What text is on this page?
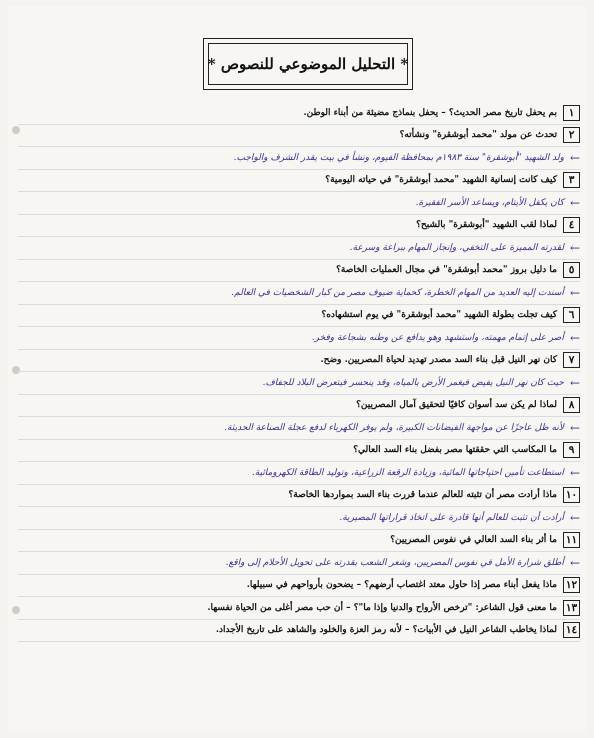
* التحليل الموضوعي للنصوص *
١
بم يحفل تاريخ مصر الحديث؟ – يحفل بنماذج مضيئة من أبناء الوطن.
٢
تحدث عن مولد "محمد أبوشقرة" ونشأته؟
←
ولد الشهيد "أبوشقرة" سنة ١٩٨٣م بمحافظة الفيوم، ونشأ في بيت يقدر الشرف والواجب.
٣
كيف كانت إنسانية الشهيد "محمد أبوشقرة" في حياته اليومية؟
←
كان يكفل الأيتام، ويساعد الأسر الفقيرة.
٤
لماذا لقب الشهيد "أبوشقرة" بالشبح؟
←
لقدرته المميزة على التخفي، وإنجاز المهام ببراعة وسرعة.
٥
ما دليل بروز "محمد أبوشقرة" في مجال العمليات الخاصة؟
←
أسندت إليه العديد من المهام الخطرة، كحماية ضيوف مصر من كبار الشخصيات في العالم.
٦
كيف تجلت بطولة الشهيد "محمد أبوشقرة" في يوم استشهاده؟
←
أصر على إتمام مهمته، واستشهد وهو يدافع عن وطنه بشجاعة وفخر.
٧
كان نهر النيل قبل بناء السد مصدر تهديد لحياة المصريين. وضح.
←
حيث كان نهر النيل يفيض فيغمر الأرض بالمياه، وقد ينحسر فيتعرض البلاد للجفاف.
٨
لماذا لم يكن سد أسوان كافيًا لتحقيق آمال المصريين؟
←
لأنه ظل عاجزًا عن مواجهة الفيضانات الكبيرة، ولم يوفر الكهرباء لدفع عجلة الصناعة الحديثة.
٩
ما المكاسب التي حققتها مصر بفضل بناء السد العالي؟
←
استطاعت تأمين احتياجاتها المائية، وزيادة الرقعة الزراعية، وتوليد الطاقة الكهرومائية.
١٠
ماذا أرادت مصر أن تثبته للعالم عندما قررت بناء السد بمواردها الخاصة؟
←
أرادت أن تثبت للعالم أنها قادرة على اتخاذ قراراتها المصيرية.
١١
ما أثر بناء السد العالي في نفوس المصريين؟
←
أطلق شرارة الأمل في نفوس المصريين، وشعر الشعب بقدرته على تحويل الأحلام إلى واقع.
١٢
ماذا يفعل أبناء مصر إذا حاول معتد اغتصاب أرضهم؟ – يضحون بأرواحهم في سبيلها.
١٣
ما معنى قول الشاعر: "ترخص الأرواح والدنيا وإذا ما"؟ – أن حب مصر أغلى من الحياة نفسها.
١٤
لماذا يخاطب الشاعر النيل في الأبيات؟ – لأنه رمز العزة والخلود والشاهد على تاريخ الأجداد.
